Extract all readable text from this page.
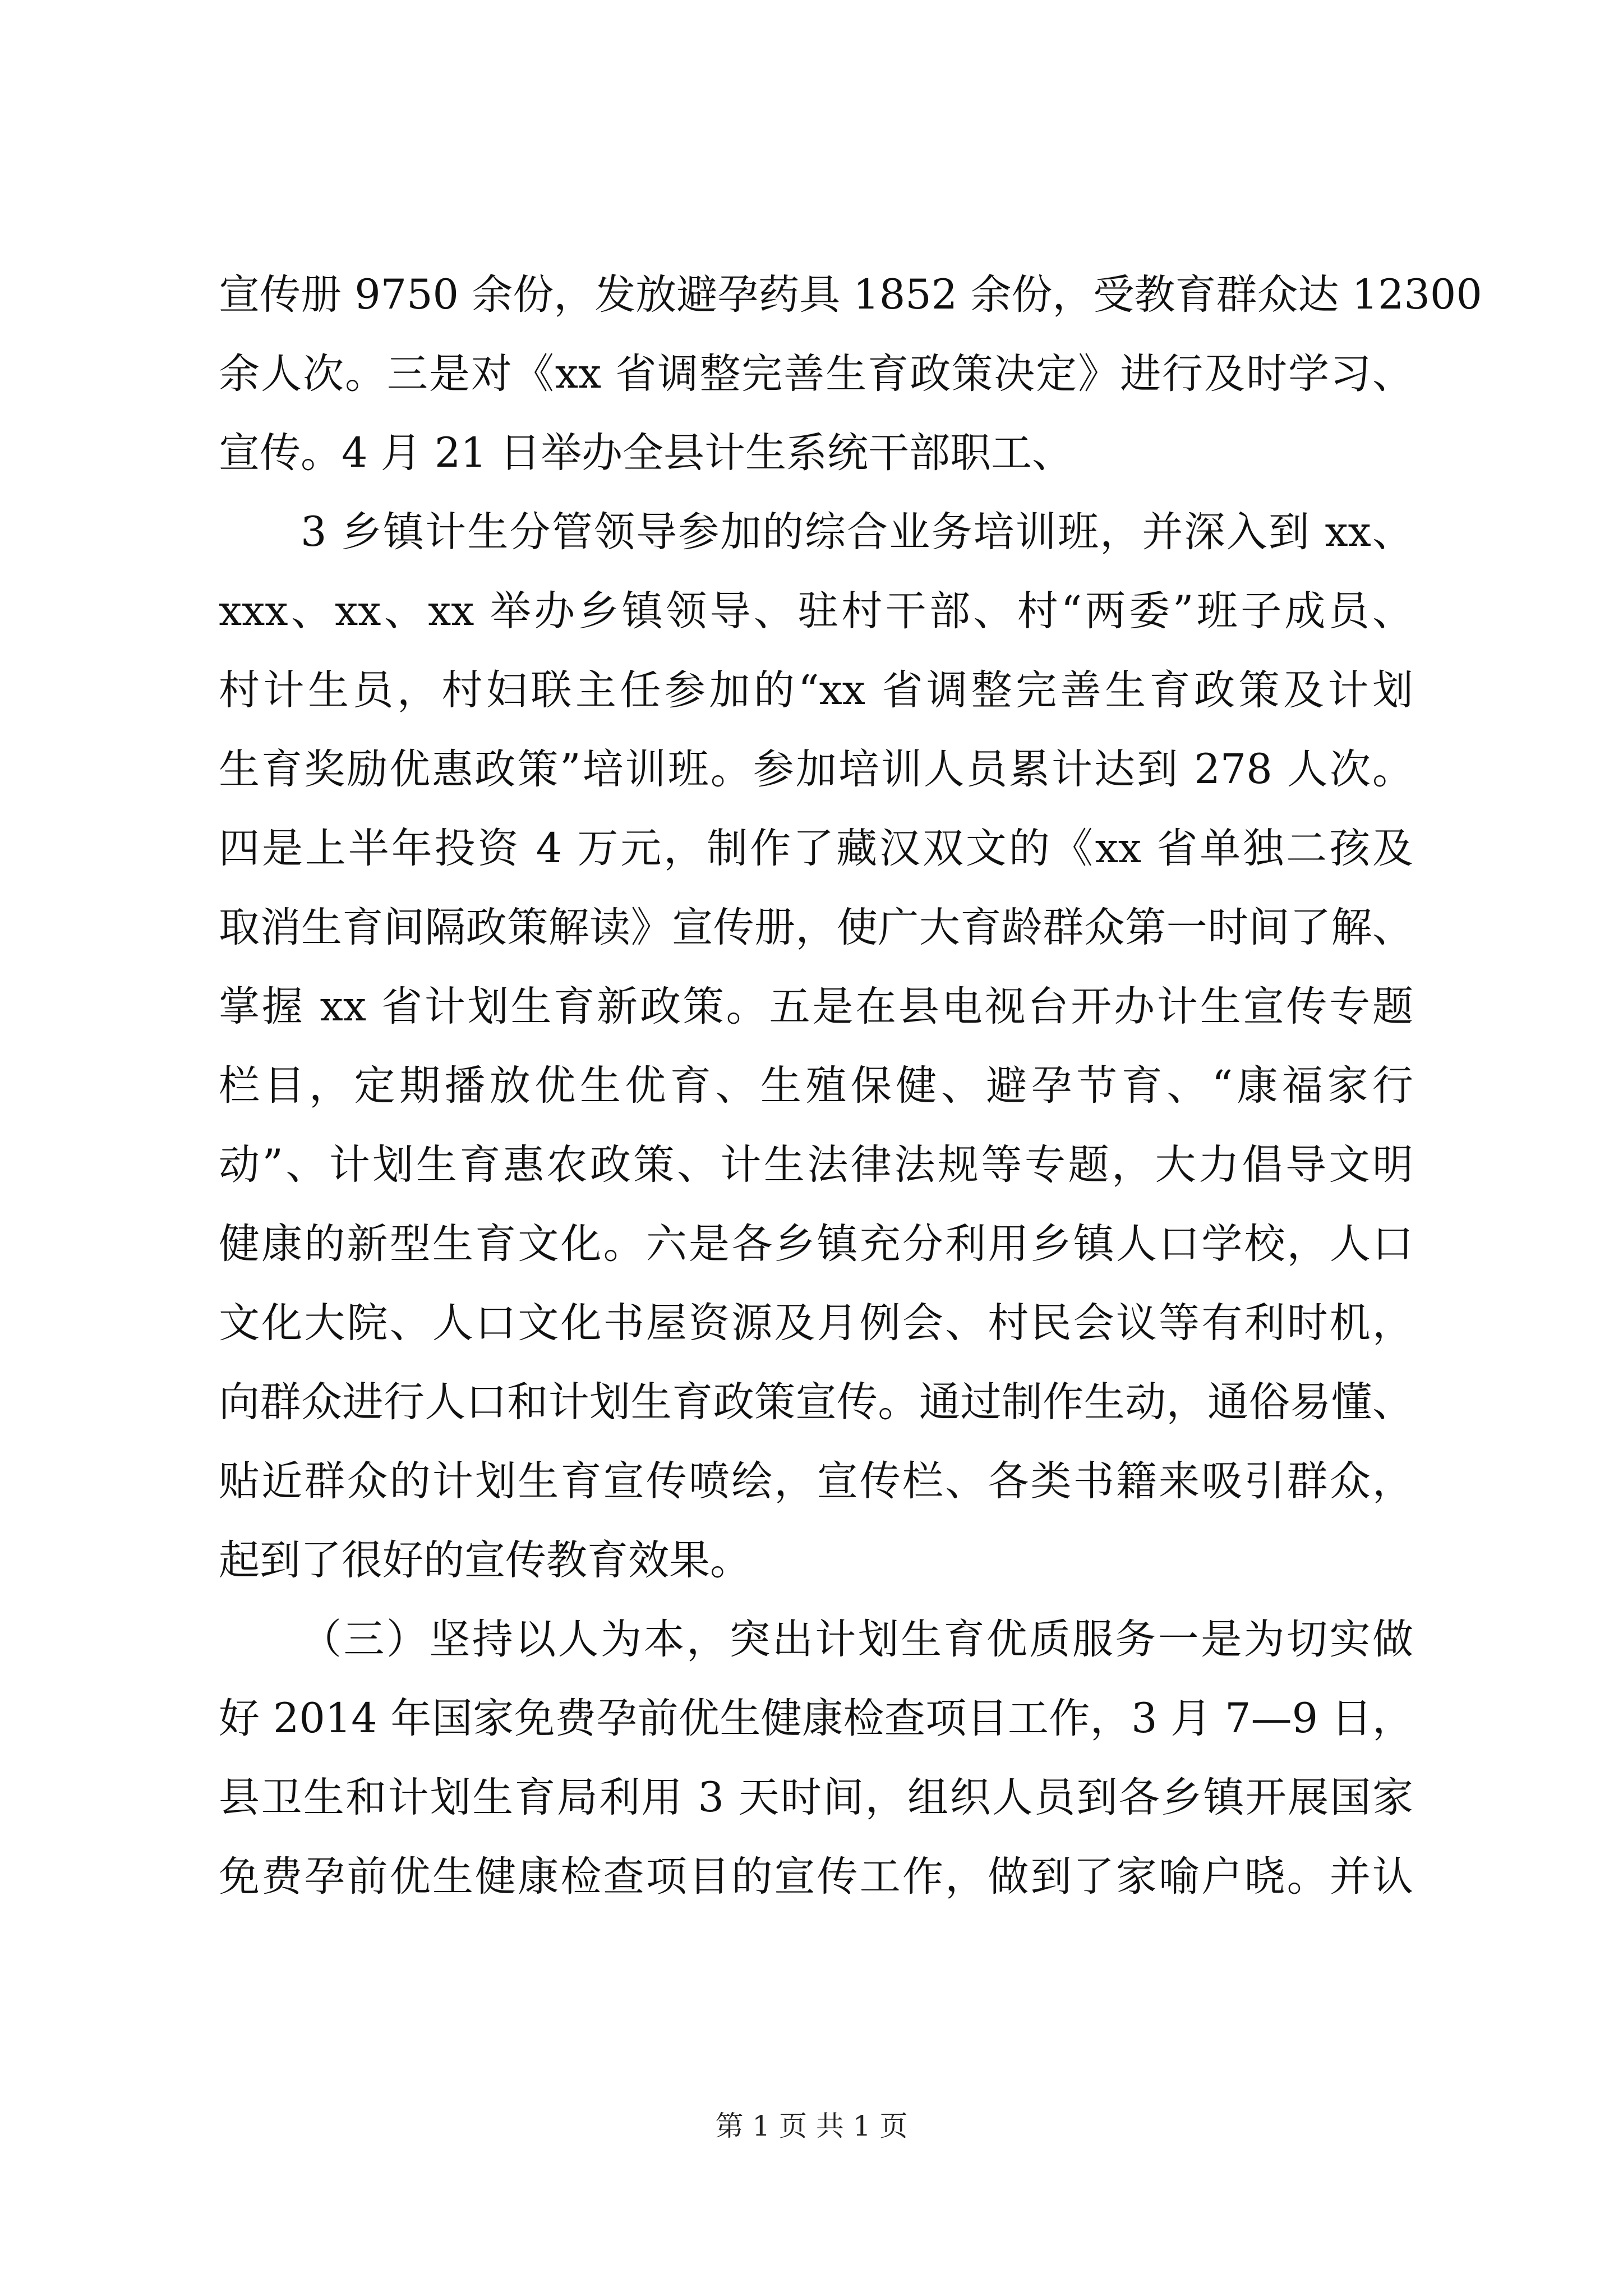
宣传册 9750 余份，发放避孕药具 1852 余份，受教育群众达 12300
余人次。三是对《xx 省调整完善生育政策决定》进行及时学习、
宣传。4 月 21 日举办全县计生系统干部职工、
3 乡镇计生分管领导参加的综合业务培训班，并深入到 xx、
xxx、xx、xx 举办乡镇领导、驻村干部、村“两委”班子成员、
村计生员，村妇联主任参加的“xx 省调整完善生育政策及计划
生育奖励优惠政策”培训班。参加培训人员累计达到 278 人次。
四是上半年投资 4 万元，制作了藏汉双文的《xx 省单独二孩及
取消生育间隔政策解读》宣传册，使广大育龄群众第一时间了解、
掌握 xx 省计划生育新政策。五是在县电视台开办计生宣传专题
栏目，定期播放优生优育、生殖保健、避孕节育、“康福家行
动”、计划生育惠农政策、计生法律法规等专题，大力倡导文明
健康的新型生育文化。六是各乡镇充分利用乡镇人口学校，人口
文化大院、人口文化书屋资源及月例会、村民会议等有利时机，
向群众进行人口和计划生育政策宣传。通过制作生动，通俗易懂、
贴近群众的计划生育宣传喷绘，宣传栏、各类书籍来吸引群众，
起到了很好的宣传教育效果。
（三）坚持以人为本，突出计划生育优质服务一是为切实做
好 2014 年国家免费孕前优生健康检查项目工作，3 月 7—9 日，
县卫生和计划生育局利用 3 天时间，组织人员到各乡镇开展国家
免费孕前优生健康检查项目的宣传工作，做到了家喻户晓。并认
第 1 页 共 1 页
